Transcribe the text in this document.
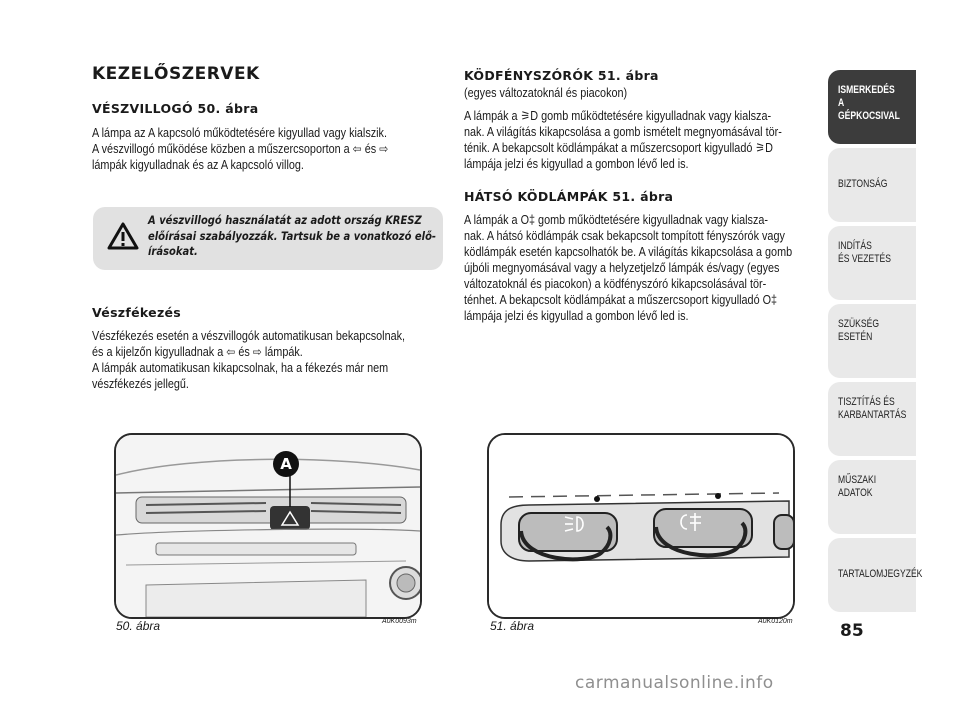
KEZELŐSZERVEK
VÉSZVILLOGÓ 50. ábra
A lámpa az A kapcsoló működtetésére kigyullad vagy kialszik.
A vészvillogó működése közben a műszercsoporton a ⇦ és ⇨
lámpák kigyulladnak és az A kapcsoló villog.
A vészvillogó használatát az adott ország KRESZ
előírásai szabályozzák. Tartsuk be a vonatkozó elő-
írásokat.
Vészfékezés
Vészfékezés esetén a vészvillogók automatikusan bekapcsolnak,
és a kijelzőn kigyulladnak a ⇦ és ⇨ lámpák.
A lámpák automatikusan kikapcsolnak, ha a fékezés már nem
vészfékezés jellegű.
KÖDFÉNYSZÓRÓK 51. ábra
(egyes változatoknál és piacokon)
A lámpák a ⚞D gomb működtetésére kigyulladnak vagy kialsza-
nak. A világítás kikapcsolása a gomb ismételt megnyomásával tör-
ténik. A bekapcsolt ködlámpákat a műszercsoport kigyulladó ⚞D
lámpája jelzi és kigyullad a gombon lévő led is.
HÁTSÓ KÖDLÁMPÁK 51. ábra
A lámpák a O‡ gomb működtetésére kigyulladnak vagy kialsza-
nak. A hátsó ködlámpák csak bekapcsolt tompított fényszórók vagy
ködlámpák esetén kapcsolhatók be. A világítás kikapcsolása a gomb
újbóli megnyomásával vagy a helyzetjelző lámpák és/vagy (egyes
változatoknál és piacokon) a ködfényszóró kikapcsolásával tör-
ténhet. A bekapcsolt ködlámpákat a műszercsoport kigyulladó O‡
lámpája jelzi és kigyullad a gombon lévő led is.
A
50. ábra	A0K0093m	51. ábra	A0K0120m
ISMERKEDÉS
A GÉPKOCSIVAL
BIZTONSÁG
INDÍTÁS
ÉS VEZETÉS
SZÜKSÉG
ESETÉN
TISZTÍTÁS ÉS
KARBANTARTÁS
MŰSZAKI
ADATOK
TARTALOMJEGYZÉK
85
carmanualsonline.info
